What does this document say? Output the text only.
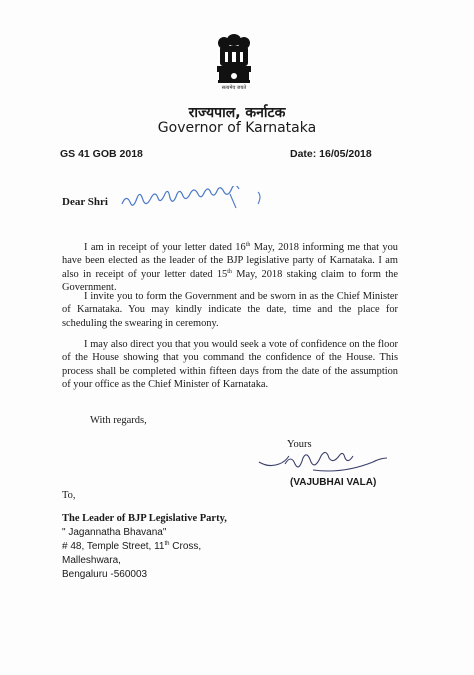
सत्यमेव जयते
राज्यपाल, कर्नाटक
Governor of Karnataka
GS 41 GOB 2018	Date: 16/05/2018
Dear Shri

I am in receipt of your letter dated 16th May, 2018 informing me that you have been elected as the leader of the BJP legislative party of Karnataka. I am also in receipt of your letter dated 15th May, 2018 staking claim to form the Government.

I invite you to form the Government and be sworn in as the Chief Minister of Karnataka. You may kindly indicate the date, time and the place for scheduling the swearing in ceremony.

I may also direct you that you would seek a vote of confidence on the floor of the House showing that you command the confidence of the House. This process shall be completed within fifteen days from the date of the assumption of your office as the Chief Minister of Karnataka.

With regards,
Yours
(VAJUBHAI VALA)
To,
The Leader of BJP Legislative Party,
" Jagannatha Bhavana"
# 48, Temple Street, 11th Cross,
Malleshwara,
Bengaluru -560003
